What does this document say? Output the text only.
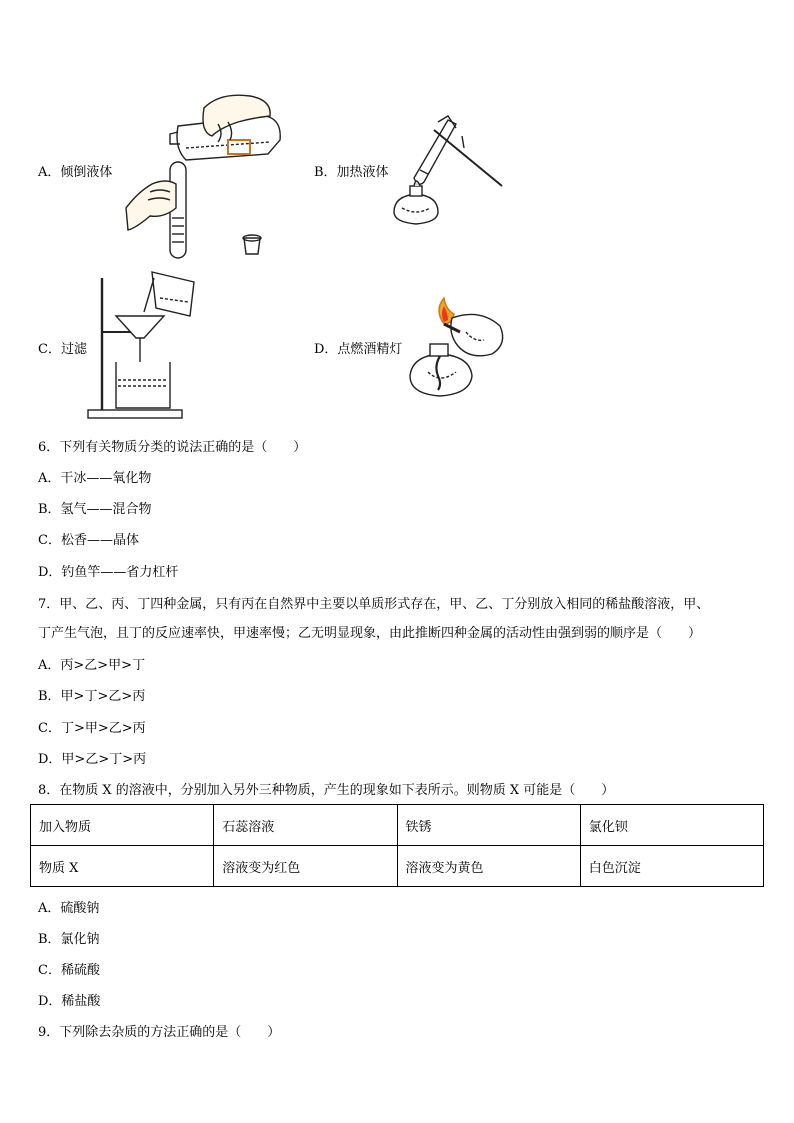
A．倾倒液体	B．加热液体
C．过滤	D．点燃酒精灯
6．下列有关物质分类的说法正确的是（　　）
A．干冰——氧化物
B．氢气——混合物
C．松香——晶体
D．钓鱼竿——省力杠杆
7．甲、乙、丙、丁四种金属，只有丙在自然界中主要以单质形式存在，甲、乙、丁分别放入相同的稀盐酸溶液，甲、
丁产生气泡，且丁的反应速率快，甲速率慢；乙无明显现象，由此推断四种金属的活动性由强到弱的顺序是（　　）
A．丙>乙>甲>丁
B．甲>丁>乙>丙
C．丁>甲>乙>丙
D．甲>乙>丁>丙
8．在物质 X 的溶液中，分别加入另外三种物质，产生的现象如下表所示。则物质 X 可能是（　　）
加入物质	石蕊溶液	铁锈	氯化钡
物质 X	溶液变为红色	溶液变为黄色	白色沉淀
A．硫酸钠
B．氯化钠
C．稀硫酸
D．稀盐酸
9．下列除去杂质的方法正确的是（　　）
